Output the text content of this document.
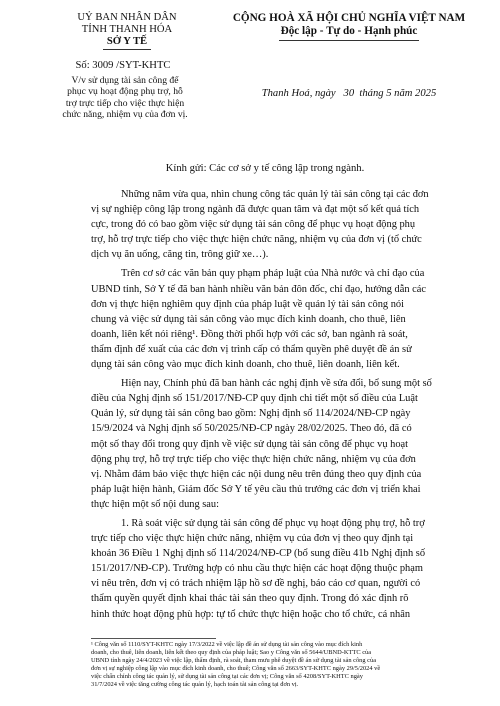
UỶ BAN NHÂN DÂN
TỈNH THANH HÓA
SỞ Y TẾ
Số: 3009 /SYT-KHTC
V/v sử dụng tài sản công để
phục vụ hoạt động phụ trợ, hỗ
trợ trực tiếp cho việc thực hiện
chức năng, nhiệm vụ của đơn vị.
CỘNG HOÀ XÃ HỘI CHỦ NGHĨA VIỆT NAM
Độc lập - Tự do - Hạnh phúc
Thanh Hoá, ngày   30  tháng 5 năm 2025
Kính gửi: Các cơ sở y tế công lập trong ngành.
Những năm vừa qua, nhìn chung công tác quản lý tài sản công tại các đơn
vị sự nghiệp công lập trong ngành đã được quan tâm và đạt một số kết quả tích
cực, trong đó có bao gồm việc sử dụng tài sản công để phục vụ hoạt động phụ
trợ, hỗ trợ trực tiếp cho việc thực hiện chức năng, nhiệm vụ của đơn vị (tổ chức
dịch vụ ăn uống, căng tin, trông giữ xe…).
Trên cơ sở các văn bản quy phạm pháp luật của Nhà nước và chỉ đạo của
UBND tỉnh, Sở Y tế đã ban hành nhiều văn bản đôn đốc, chỉ đạo, hướng dẫn các
đơn vị thực hiện nghiêm quy định của pháp luật về quản lý tài sản công nói
chung và việc sử dụng tài sản công vào mục đích kinh doanh, cho thuê, liên
doanh, liên kết nói riêng¹. Đồng thời phối hợp với các sở, ban ngành rà soát,
thẩm định để xuất của các đơn vị trình cấp có thẩm quyền phê duyệt đề án sử
dụng tài sản công vào mục đích kinh doanh, cho thuê, liên doanh, liên kết.
Hiện nay, Chính phủ đã ban hành các nghị định về sửa đổi, bổ sung một số
điều của Nghị định số 151/2017/NĐ-CP quy định chi tiết một số điều của Luật
Quản lý, sử dụng tài sản công bao gồm: Nghị định số 114/2024/NĐ-CP ngày
15/9/2024 và Nghị định số 50/2025/NĐ-CP ngày 28/02/2025. Theo đó, đã có
một số thay đổi trong quy định về việc sử dụng tài sản công để phục vụ hoạt
động phụ trợ, hỗ trợ trực tiếp cho việc thực hiện chức năng, nhiệm vụ của đơn
vị. Nhằm đảm bảo việc thực hiện các nội dung nêu trên đúng theo quy định của
pháp luật hiện hành, Giám đốc Sở Y tế yêu cầu thủ trưởng các đơn vị triển khai
thực hiện một số nội dung sau:
1. Rà soát việc sử dụng tài sản công để phục vụ hoạt động phụ trợ, hỗ trợ
trực tiếp cho việc thực hiện chức năng, nhiệm vụ của đơn vị theo quy định tại
khoản 36 Điều 1 Nghị định số 114/2024/NĐ-CP (bổ sung điều 41b Nghị định số
151/2017/NĐ-CP). Trường hợp có nhu cầu thực hiện các hoạt động thuộc phạm
vi nêu trên, đơn vị có trách nhiệm lập hồ sơ đề nghị, báo cáo cơ quan, người có
thẩm quyền quyết định khai thác tài sản theo quy định. Trong đó xác định rõ
hình thức hoạt động phù hợp: tự tổ chức thực hiện hoặc cho tổ chức, cá nhân
¹ Công văn số 1110/SYT-KHTC ngày 17/3/2022 về việc lập đề án sử dụng tài sản công vào mục đích kinh
doanh, cho thuê, liên doanh, liên kết theo quy định của pháp luật; Sao y Công văn số 5644/UBND-KTTC của
UBND tỉnh ngày 24/4/2023 về việc lập, thẩm định, rà soát, tham mưu phê duyệt đề án sử dụng tài sản công của
đơn vị sự nghiệp công lập vào mục đích kinh doanh, cho thuê; Công văn số 2663/SYT-KHTC ngày 29/5/2024 về
việc chấn chỉnh công tác quản lý, sử dụng tài sản công tại các đơn vị; Công văn số 4208/SYT-KHTC ngày
31/7/2024 về việc tăng cường công tác quản lý, hạch toán tài sản công tại đơn vị.
